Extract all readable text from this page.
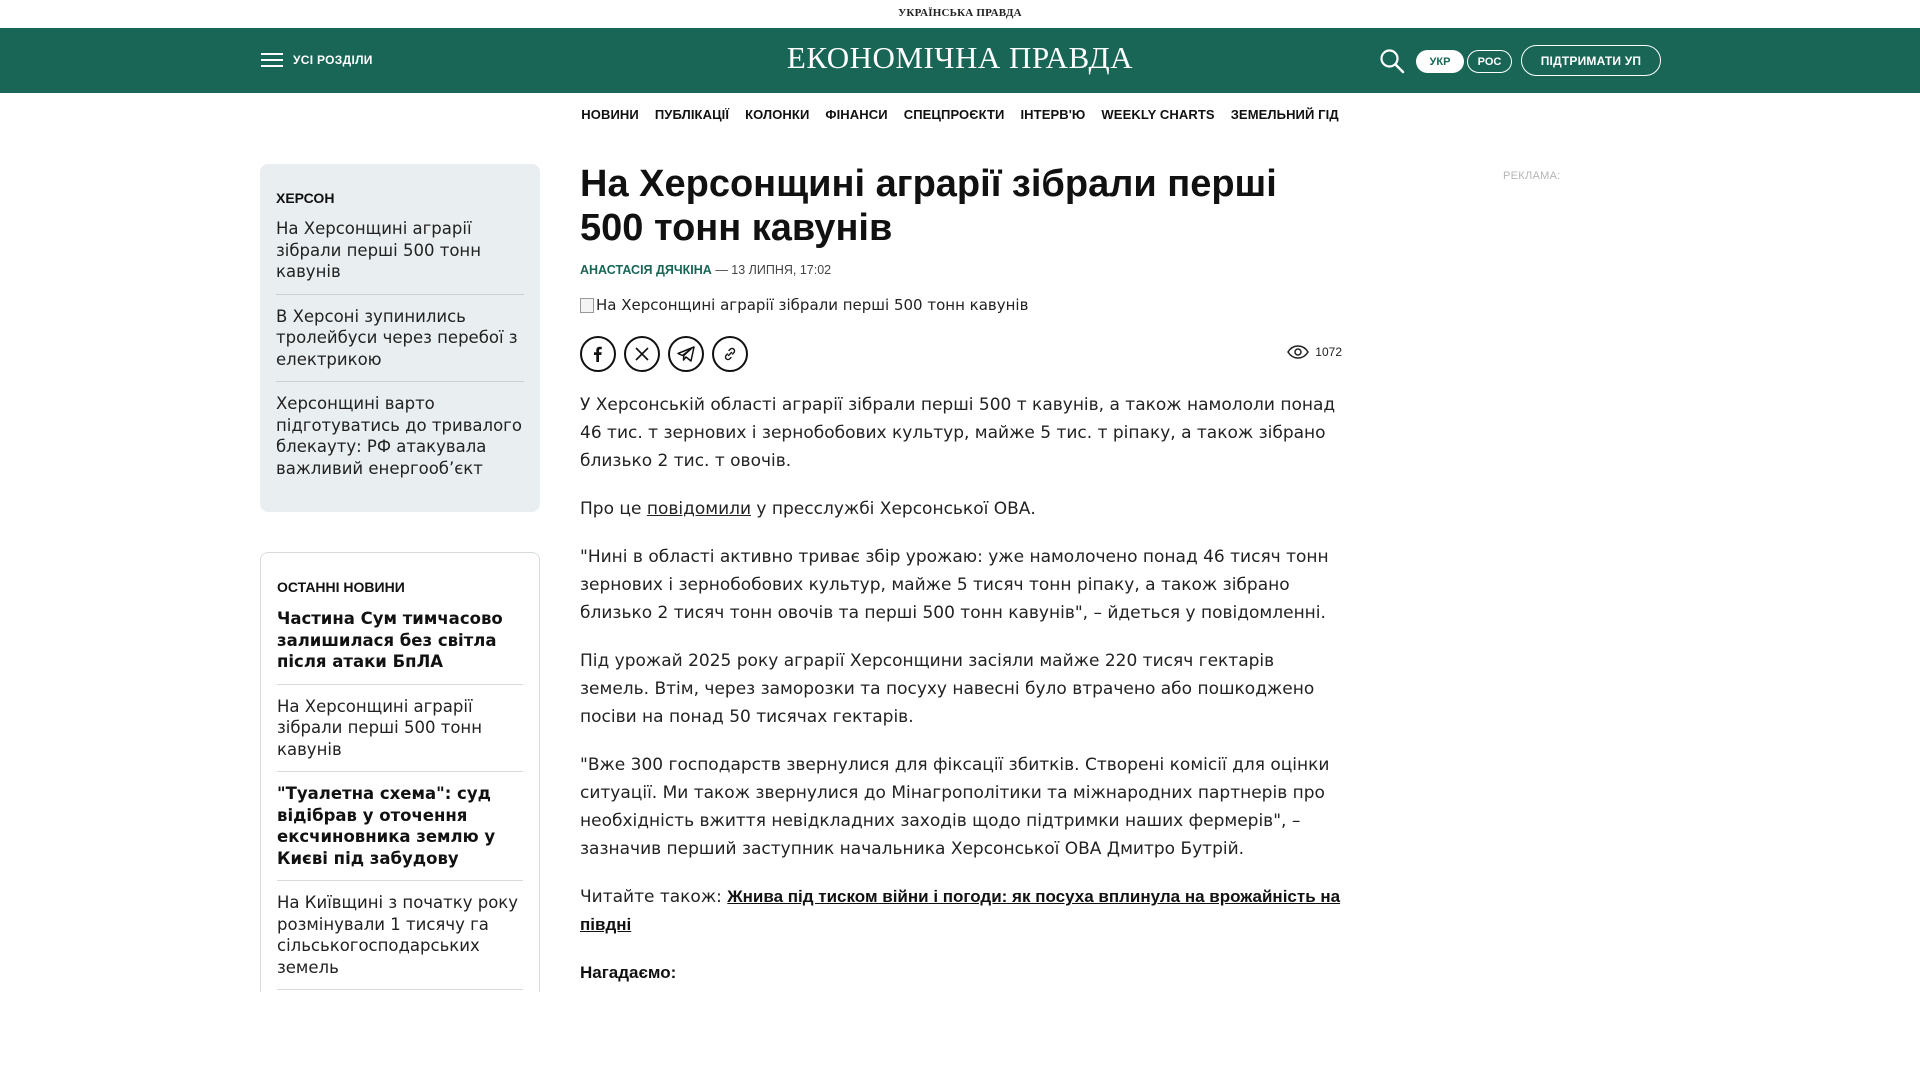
УКРАЇНСЬКА ПРАВДА
УСІ РОЗДІЛИ	ЕКОНОМІЧНА ПРАВДА	УКР	РОС	ПІДТРИМАТИ УП
НОВИНИ ПУБЛІКАЦІЇ КОЛОНКИ ФІНАНСИ СПЕЦПРОЄКТИ ІНТЕРВ'Ю WEEKLY CHARTS ЗЕМЕЛЬНИЙ ГІД
ХЕРСОН
На Херсонщині аграрії зібрали перші 500 тонн кавунів
В Херсоні зупинились тролейбуси через перебої з електрикою
Херсонщині варто підготуватись до тривалого блекауту: РФ атакувала важливий енергооб’єкт
ОСТАННІ НОВИНИ
Частина Сум тимчасово залишилася без світла після атаки БпЛА
На Херсонщині аграрії зібрали перші 500 тонн кавунів
"Туалетна схема": суд відібрав у оточення ексчиновника землю у Києві під забудову
На Київщині з початку року розмінували 1 тисячу га сільськогосподарських земель
На Херсонщині аграрії зібрали перші 500 тонн кавунів
АНАСТАСІЯ ДЯЧКІНА — 13 ЛИПНЯ, 17:02
На Херсонщині аграрії зібрали перші 500 тонн кавунів
1072

У Херсонській області аграрії зібрали перші 500 т кавунів, а також намололи понад 46 тис. т зернових і зернобобових культур, майже 5 тис. т ріпаку, а також зібрано близько 2 тис. т овочів.

Про це повідомили у пресслужбі Херсонської ОВА.

"Нині в області активно триває збір урожаю: уже намолочено понад 46 тисяч тонн зернових і зернобобових культур, майже 5 тисяч тонн ріпаку, а також зібрано близько 2 тисяч тонн овочів та перші 500 тонн кавунів", – йдеться у повідомленні.

Під урожай 2025 року аграрії Херсонщини засіяли майже 220 тисяч гектарів земель. Втім, через заморозки та посуху навесні було втрачено або пошкоджено посіви на понад 50 тисячах гектарів.

"Вже 300 господарств звернулися для фіксації збитків. Створені комісії для оцінки ситуації. Ми також звернулися до Мінагрополітики та міжнародних партнерів про необхідність вжиття невідкладних заходів щодо підтримки наших фермерів", – зазначив перший заступник начальника Херсонської ОВА Дмитро Бутрій.

Читайте також: Жнива під тиском війни і погоди: як посуха вплинула на врожайність на півдні

Нагадаємо:

РЕКЛАМА:
